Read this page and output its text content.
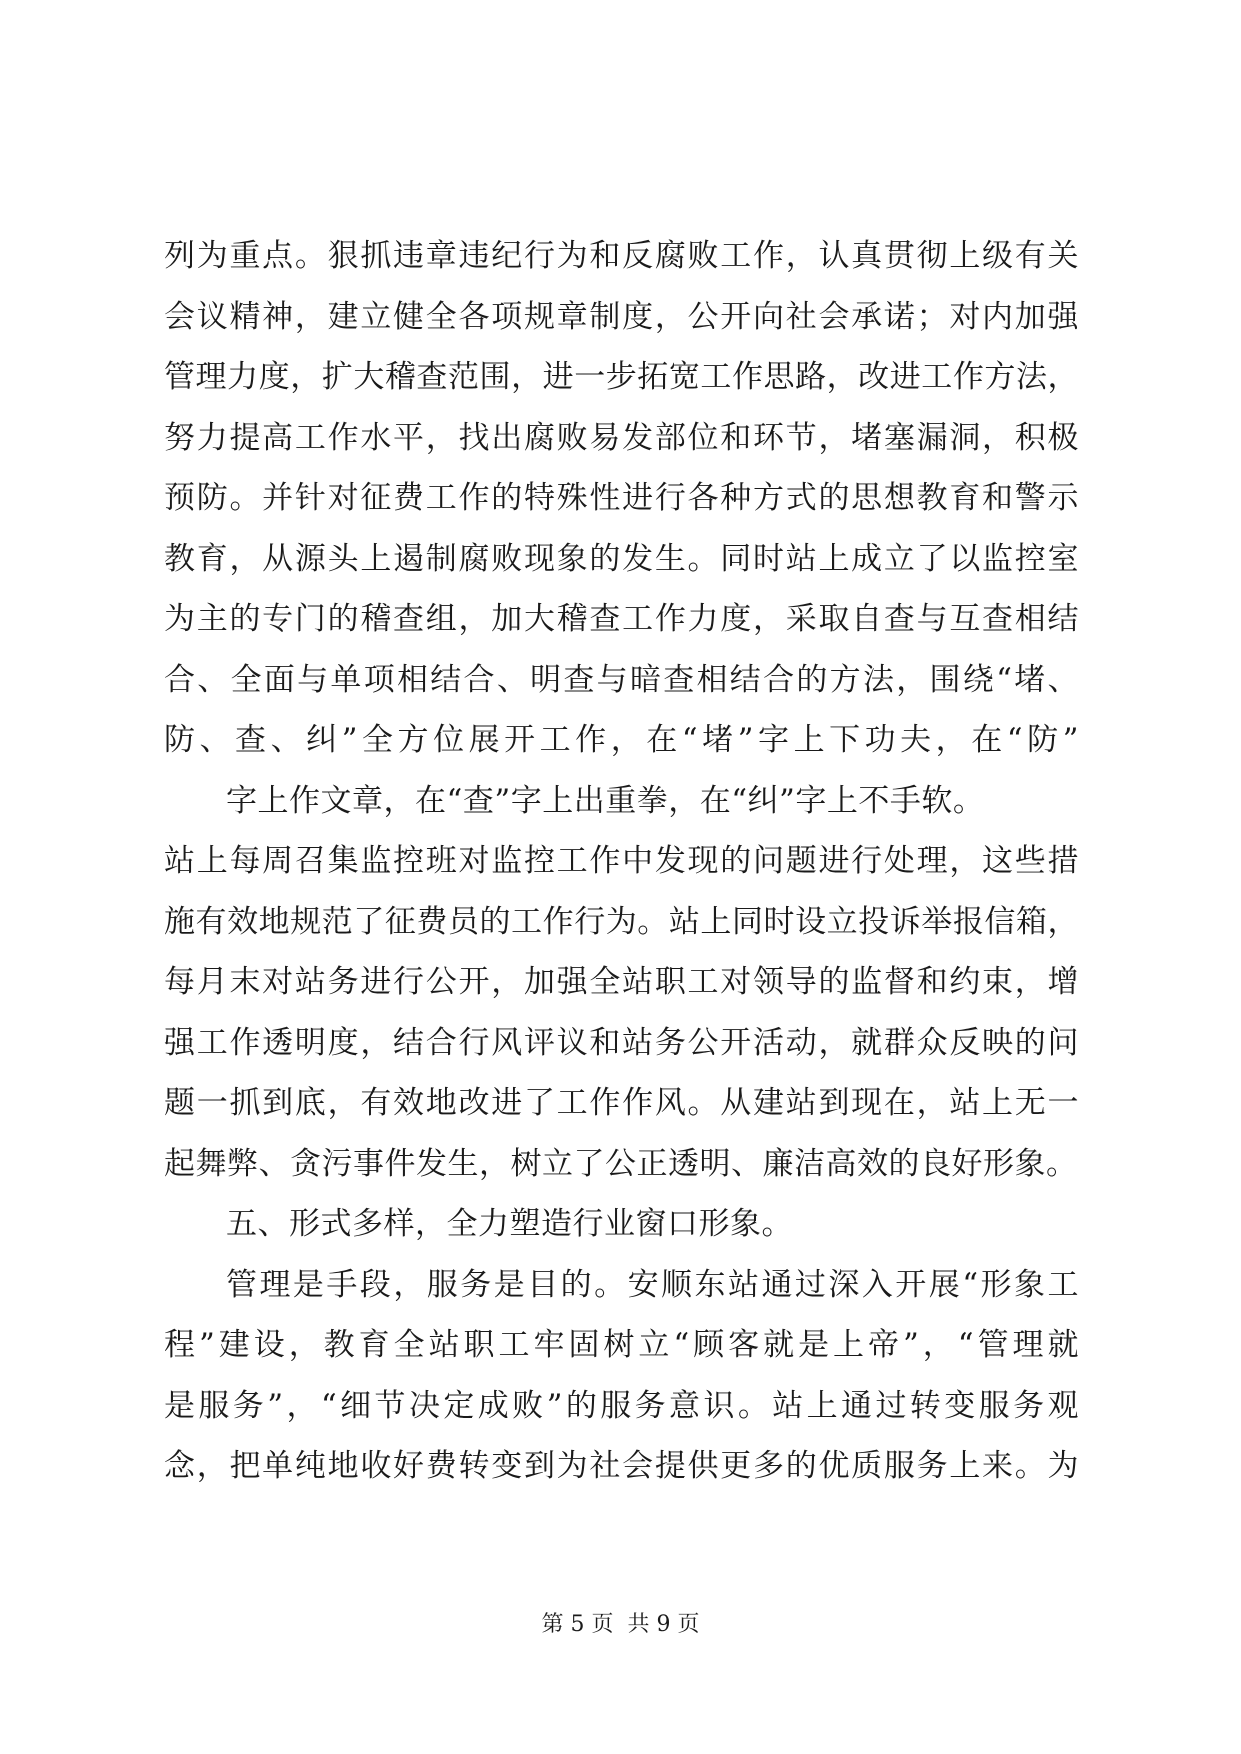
列为重点。狠抓违章违纪行为和反腐败工作，认真贯彻上级有关
会议精神，建立健全各项规章制度，公开向社会承诺；对内加强
管理力度，扩大稽查范围，进一步拓宽工作思路，改进工作方法，
努力提高工作水平，找出腐败易发部位和环节，堵塞漏洞，积极
预防。并针对征费工作的特殊性进行各种方式的思想教育和警示
教育，从源头上遏制腐败现象的发生。同时站上成立了以监控室
为主的专门的稽查组，加大稽查工作力度，采取自查与互查相结
合、全面与单项相结合、明查与暗查相结合的方法，围绕“堵、
防、查、纠”全方位展开工作，在“堵”字上下功夫，在“防”
字上作文章，在“查”字上出重拳，在“纠”字上不手软。
站上每周召集监控班对监控工作中发现的问题进行处理，这些措
施有效地规范了征费员的工作行为。站上同时设立投诉举报信箱，
每月末对站务进行公开，加强全站职工对领导的监督和约束，增
强工作透明度，结合行风评议和站务公开活动，就群众反映的问
题一抓到底，有效地改进了工作作风。从建站到现在，站上无一
起舞弊、贪污事件发生，树立了公正透明、廉洁高效的良好形象。
五、形式多样，全力塑造行业窗口形象。
管理是手段，服务是目的。安顺东站通过深入开展“形象工
程”建设，教育全站职工牢固树立“顾客就是上帝”，“管理就
是服务”，“细节决定成败”的服务意识。站上通过转变服务观
念，把单纯地收好费转变到为社会提供更多的优质服务上来。为
第 5 页  共 9 页
